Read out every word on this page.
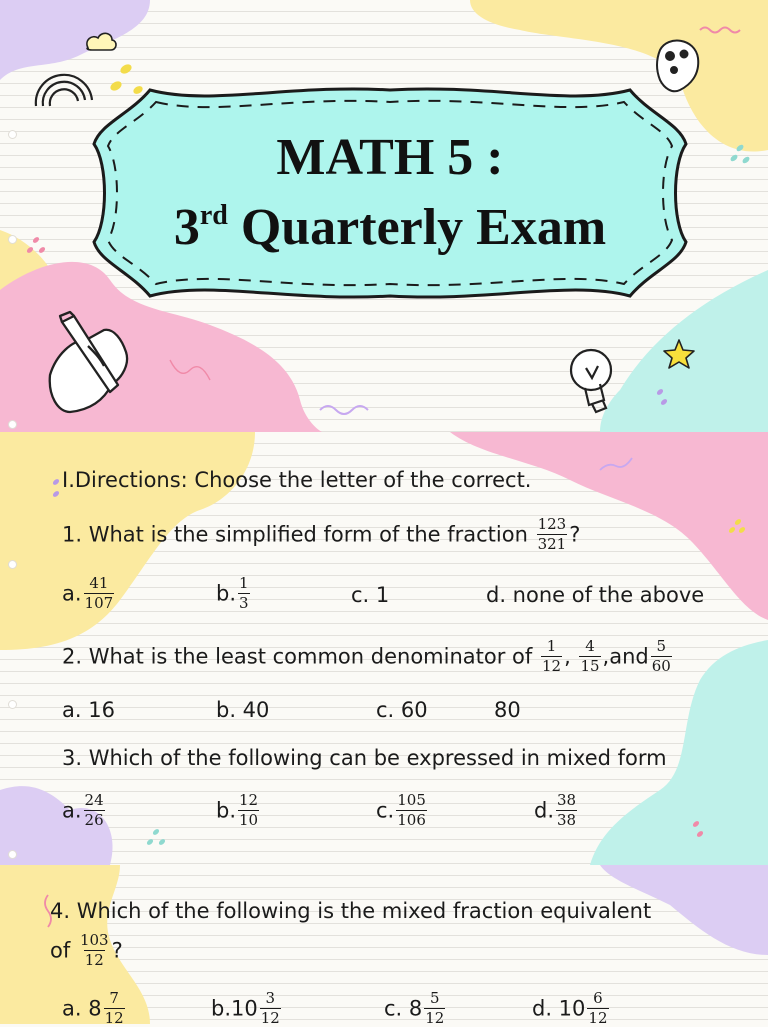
MATH 5 :
3rd Quarterly Exam
I.Directions: Choose the letter of the correct.
1. What is the simplified form of the fraction $\frac{123}{321}$ ?
a. $\frac{41}{107}$	b. $\frac{1}{3}$	c. 1	d. none of the above
2. What is the least common denominator of $\frac{1}{12}$ , $\frac{4}{15} ,and \frac{5}{60}$
a. 16	b. 40	c. 60	80
3. Which of the following can be expressed in mixed form
a. $\frac{24}{26}$	b. $\frac{12}{10}$	c. $\frac{105}{106}$	d. $\frac{38}{38}$
4. Which of the following is the mixed fraction equivalent
of $\frac{103}{12}$ ?
a. $8 \frac{7}{12}$	$b.10 \frac{3}{12}$	c. $8 \frac{5}{12}$	d. $10 \frac{6}{12}$
